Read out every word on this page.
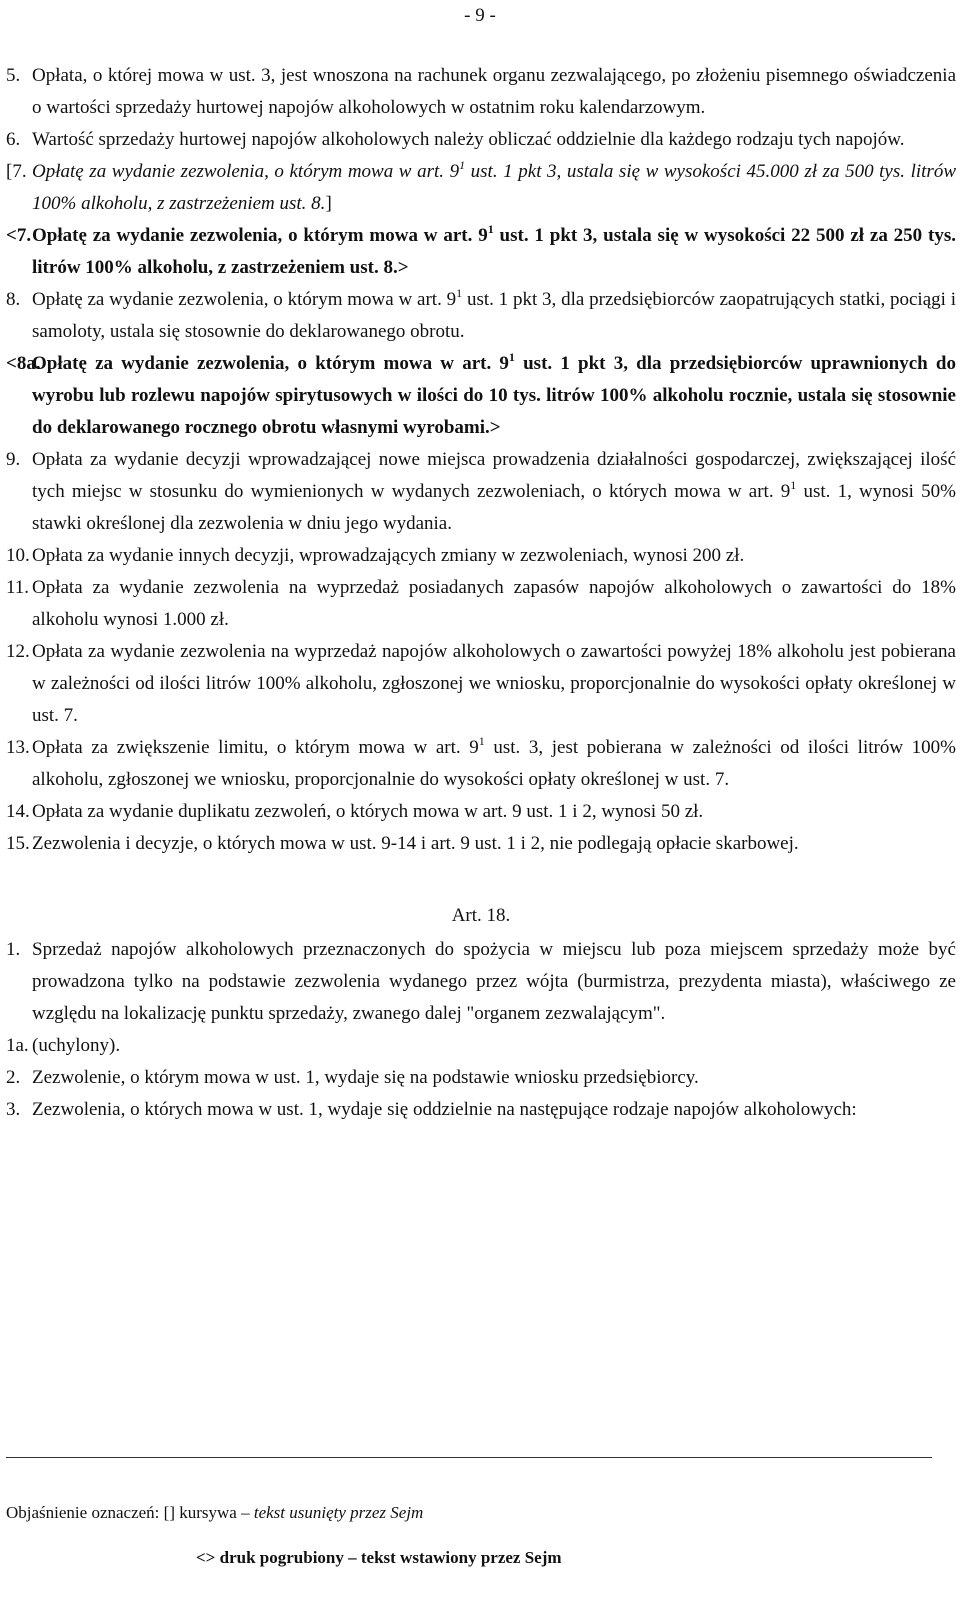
- 9 -
5. Opłata, o której mowa w ust. 3, jest wnoszona na rachunek organu zezwalającego, po złożeniu pisemnego oświadczenia o wartości sprzedaży hurtowej napojów alkoholowych w ostatnim roku kalendarzowym.
6. Wartość sprzedaży hurtowej napojów alkoholowych należy obliczać oddzielnie dla każdego rodzaju tych napojów.
[7. Opłatę za wydanie zezwolenia, o którym mowa w art. $9^1$ ust. 1 pkt 3, ustala się w wysokości 45.000 zł za 500 tys. litrów 100% alkoholu, z zastrzeżeniem ust. 8.]
<7. Opłatę za wydanie zezwolenia, o którym mowa w art. $9^1$ ust. 1 pkt 3, ustala się w wysokości 22 500 zł za 250 tys. litrów 100% alkoholu, z zastrzeżeniem ust. 8.>
8. Opłatę za wydanie zezwolenia, o którym mowa w art. $9^1$ ust. 1 pkt 3, dla przedsiębiorców zaopatrujących statki, pociągi i samoloty, ustala się stosownie do deklarowanego obrotu.
<8a.
Opłatę za wydanie zezwolenia, o którym mowa w art. $9^1$ ust. 1 pkt 3, dla przedsiębiorców uprawnionych do wyrobu lub rozlewu napojów spirytusowych w ilości do 10 tys. litrów 100% alkoholu rocznie, ustala się stosownie do deklarowanego rocznego obrotu własnymi wyrobami.>
9. Opłata za wydanie decyzji wprowadzającej nowe miejsca prowadzenia działalności gospodarczej, zwiększającej ilość tych miejsc w stosunku do wymienionych w wydanych zezwoleniach, o których mowa w art. $9^1$ ust. 1, wynosi 50% stawki określonej dla zezwolenia w dniu jego wydania.
10. Opłata za wydanie innych decyzji, wprowadzających zmiany w zezwoleniach, wynosi 200 zł.
11. Opłata za wydanie zezwolenia na wyprzedaż posiadanych zapasów napojów alkoholowych o zawartości do 18% alkoholu wynosi 1.000 zł.
12. Opłata za wydanie zezwolenia na wyprzedaż napojów alkoholowych o zawartości powyżej 18% alkoholu jest pobierana w zależności od ilości litrów 100% alkoholu, zgłoszonej we wniosku, proporcjonalnie do wysokości opłaty określonej w ust. 7.
13. Opłata za zwiększenie limitu, o którym mowa w art. $9^1$ ust. 3, jest pobierana w zależności od ilości litrów 100% alkoholu, zgłoszonej we wniosku, proporcjonalnie do wysokości opłaty określonej w ust. 7.
14. Opłata za wydanie duplikatu zezwoleń, o których mowa w art. 9 ust. 1 i 2, wynosi 50 zł.
15. Zezwolenia i decyzje, o których mowa w ust. 9-14 i art. 9 ust. 1 i 2, nie podlegają opłacie skarbowej.
Art. 18.
1. Sprzedaż napojów alkoholowych przeznaczonych do spożycia w miejscu lub poza miejscem sprzedaży może być prowadzona tylko na podstawie zezwolenia wydanego przez wójta (burmistrza, prezydenta miasta), właściwego ze względu na lokalizację punktu sprzedaży, zwanego dalej "organem zezwalającym".
1a. (uchylony).
2. Zezwolenie, o którym mowa w ust. 1, wydaje się na podstawie wniosku przedsiębiorcy.
3. Zezwolenia, o których mowa w ust. 1, wydaje się oddzielnie na następujące rodzaje napojów alkoholowych:
Objaśnienie oznaczeń: [] kursywa – tekst usunięty przez Sejm
<> druk pogrubiony – tekst wstawiony przez Sejm
